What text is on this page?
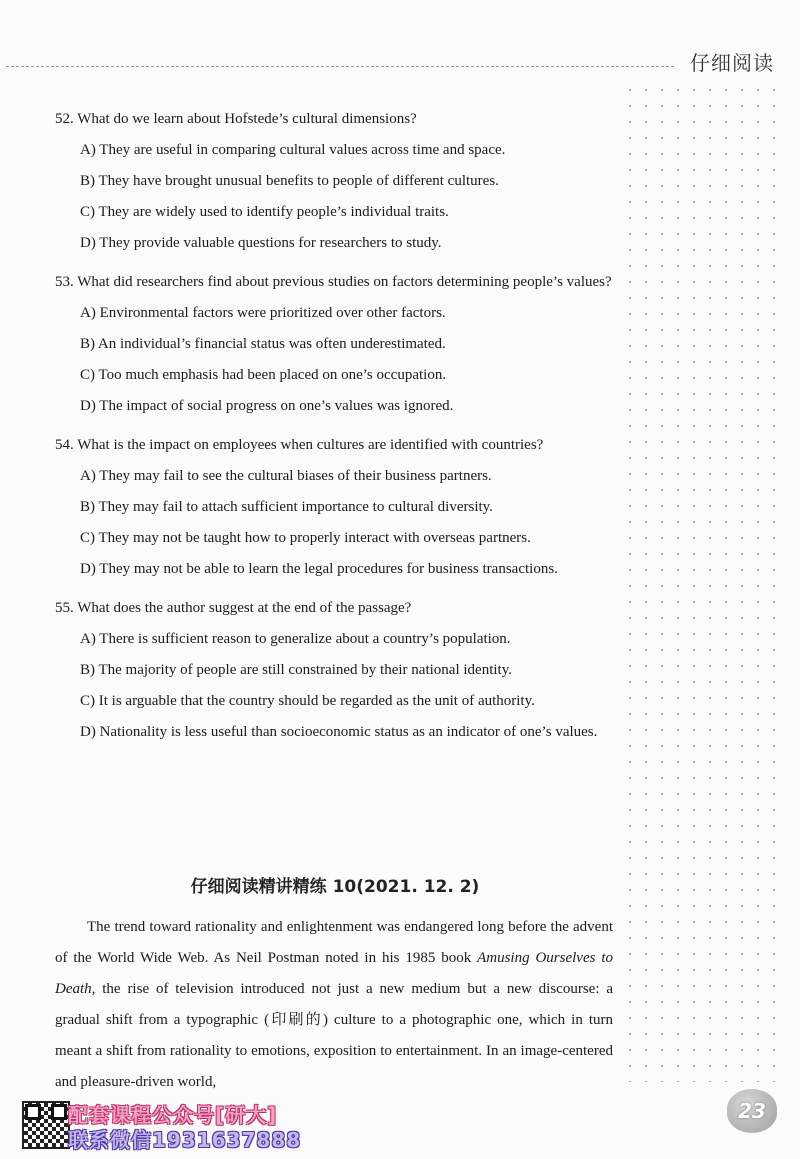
仔细阅读

52. What do we learn about Hofstede’s cultural dimensions?

A) They are useful in comparing cultural values across time and space.

B) They have brought unusual benefits to people of different cultures.

C) They are widely used to identify people’s individual traits.

D) They provide valuable questions for researchers to study.

53. What did researchers find about previous studies on factors determining people’s values?

A) Environmental factors were prioritized over other factors.

B) An individual’s financial status was often underestimated.

C) Too much emphasis had been placed on one’s occupation.

D) The impact of social progress on one’s values was ignored.

54. What is the impact on employees when cultures are identified with countries?

A) They may fail to see the cultural biases of their business partners.

B) They may fail to attach sufficient importance to cultural diversity.

C) They may not be taught how to properly interact with overseas partners.

D) They may not be able to learn the legal procedures for business transactions.

55. What does the author suggest at the end of the passage?

A) There is sufficient reason to generalize about a country’s population.

B) The majority of people are still constrained by their national identity.

C) It is arguable that the country should be regarded as the unit of authority.

D) Nationality is less useful than socioeconomic status as an indicator of one’s values.

仔细阅读精讲精练 10(2021. 12. 2)

The trend toward rationality and enlightenment was endangered long before the advent of the World Wide Web. As Neil Postman noted in his 1985 book Amusing Ourselves to Death, the rise of television introduced not just a new medium but a new discourse: a gradual shift from a typographic (印刷的) culture to a photographic one, which in turn meant a shift from rationality to emotions, exposition to entertainment. In an image-centered and pleasure-driven world,

配套课程公众号[研大]
联系微信1931637888
23
